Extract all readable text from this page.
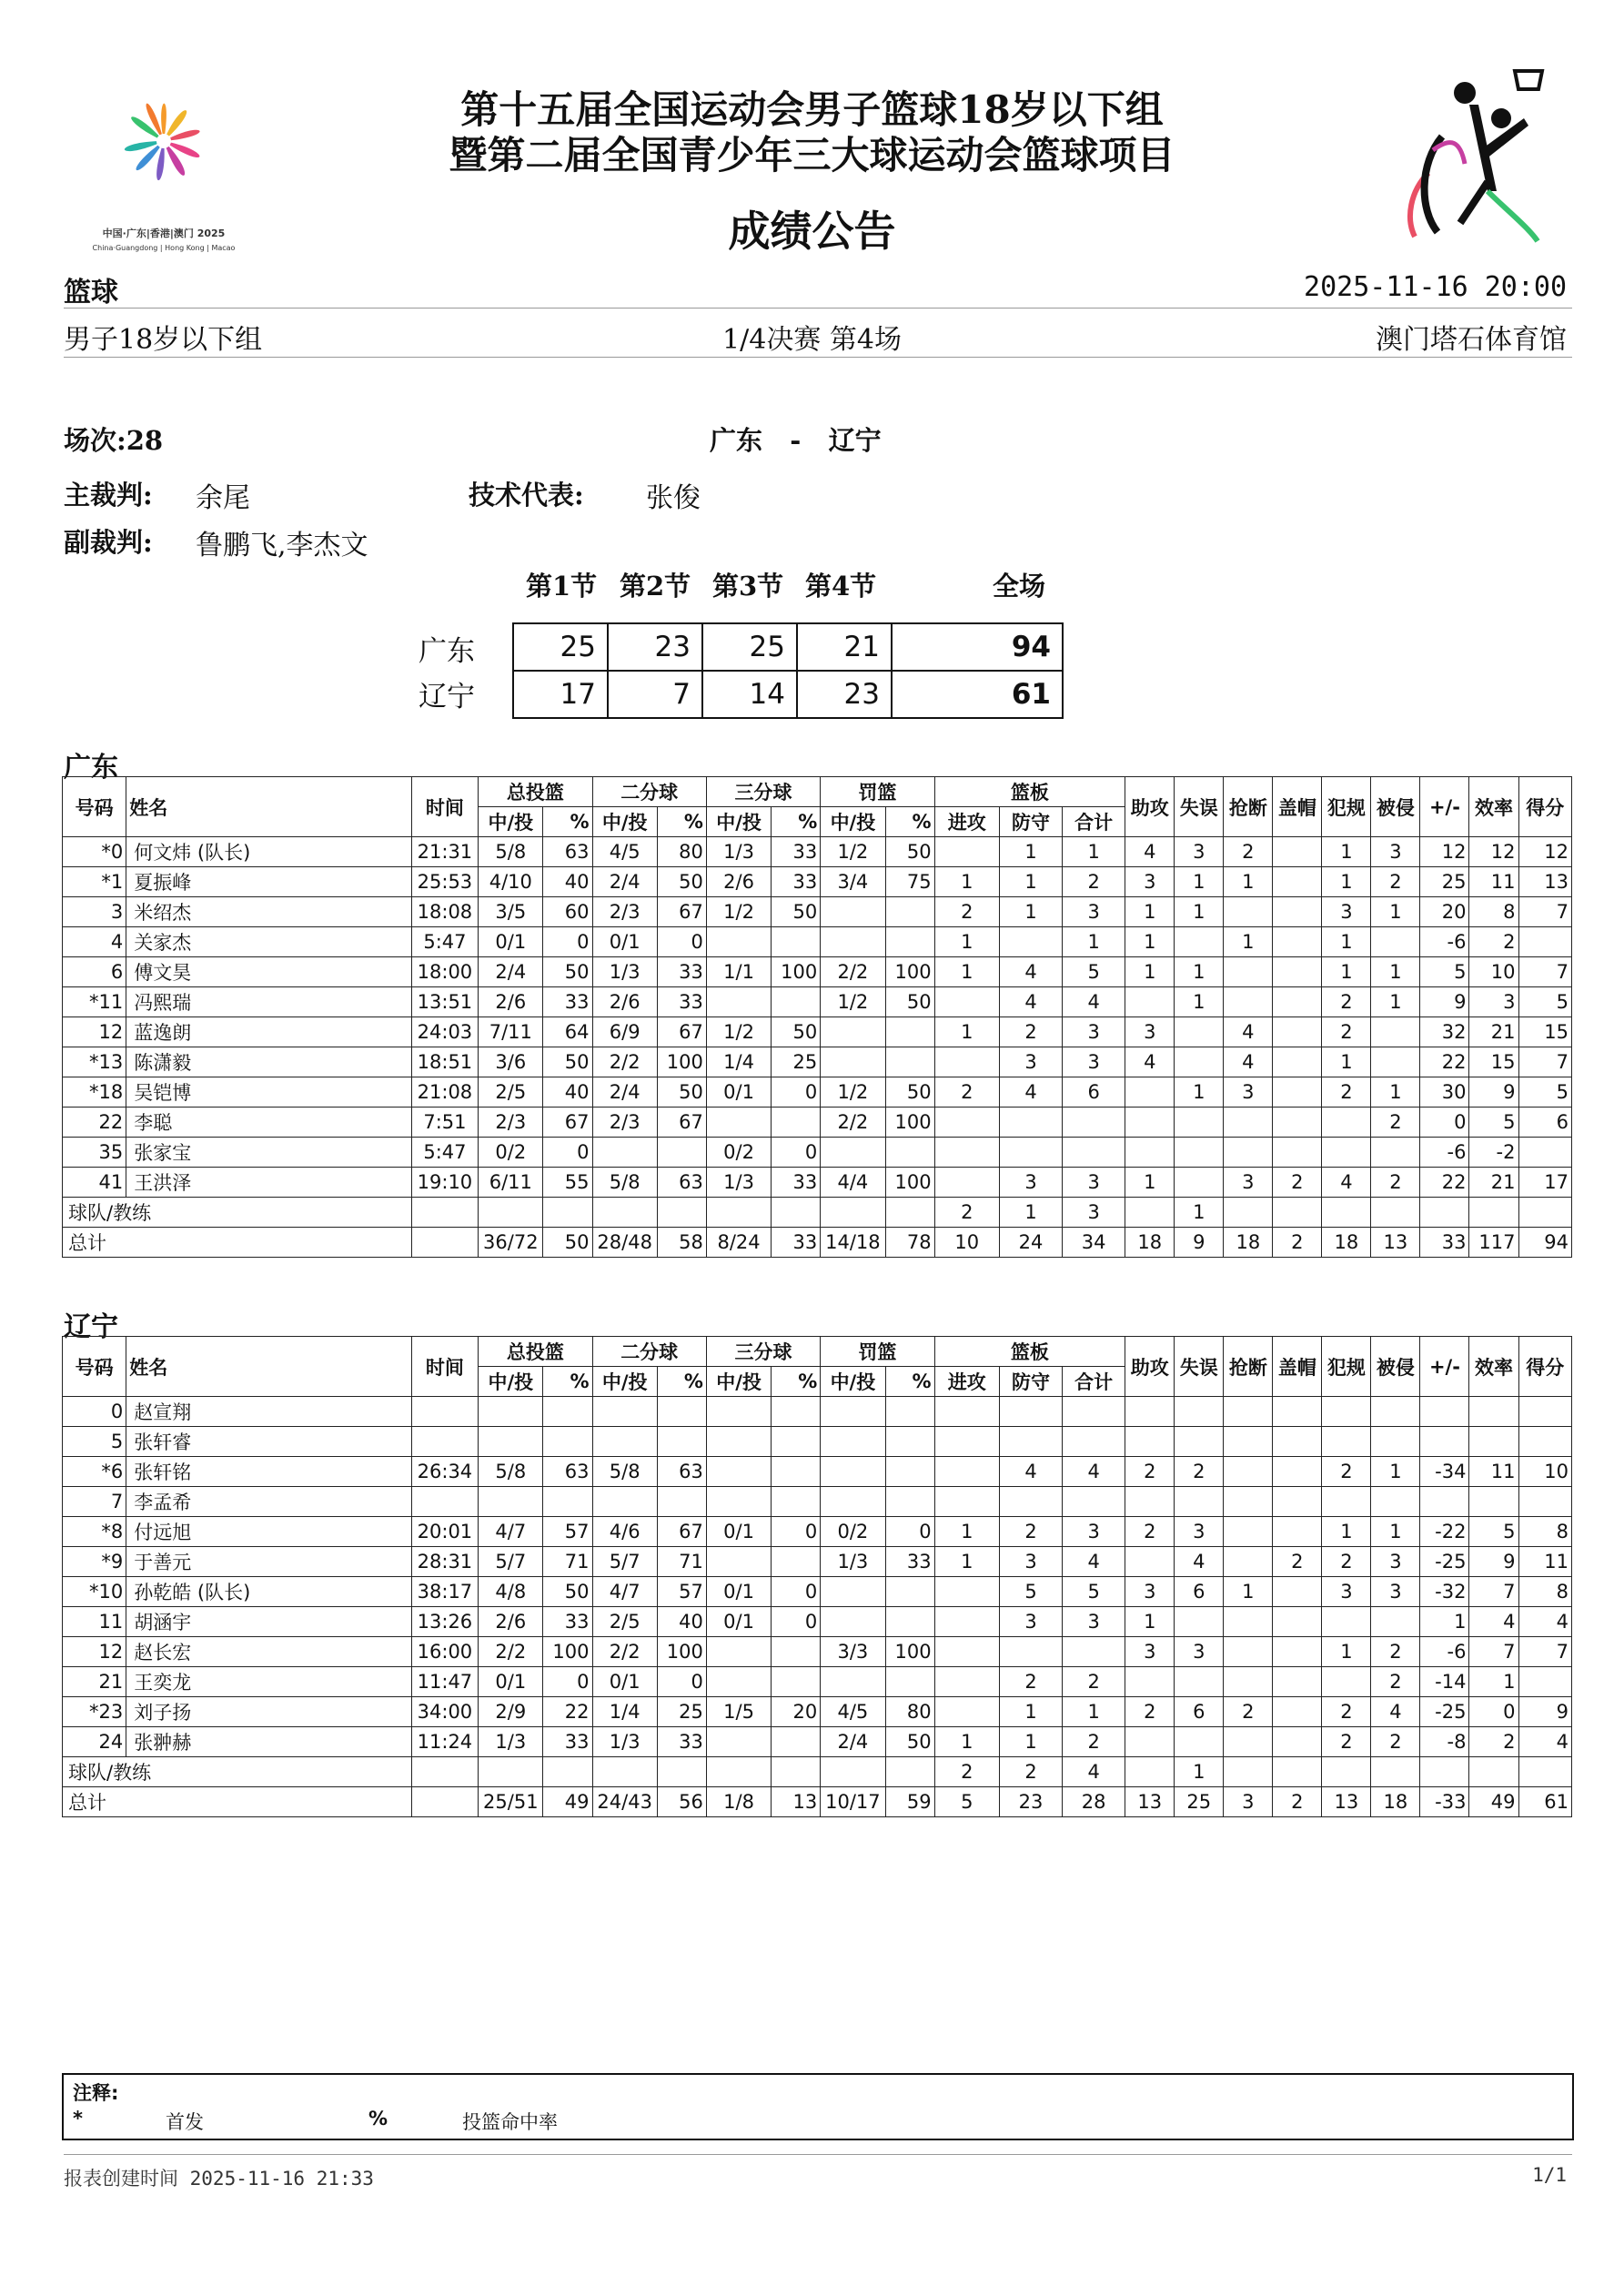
中国·广东|香港|澳门 2025
China·Guangdong | Hong Kong | Macao
第十五届全国运动会男子篮球18岁以下组
暨第二届全国青少年三大球运动会篮球项目
成绩公告
篮球	2025-11-16 20:00
男子18岁以下组	1/4决赛 第4场	澳门塔石体育馆
场次:28	广东   -   辽宁
主裁判: 余尾	技术代表: 张俊
副裁判: 鲁鹏飞,李杰文
第1节 第2节 第3节 第4节	全场
广东
辽宁
25	23	25	21	94
17	7	14	23	61
广东
号码	姓名	时间	总投篮		二分球		三分球		罚篮		篮板			助攻	失误	抢断	盖帽	犯规	被侵	+/-	效率	得分
			中/投	%	中/投	%	中/投	%	中/投	%	进攻	防守	合计									
*0	何文炜 (队长)	21:31	5/8	63	4/5	80	1/3	33	1/2	50		1	1	4	3	2		1	3	12	12	12
*1	夏振峰	25:53	4/10	40	2/4	50	2/6	33	3/4	75	1	1	2	3	1	1		1	2	25	11	13
3	米绍杰	18:08	3/5	60	2/3	67	1/2	50			2	1	3	1	1			3	1	20	8	7
4	关家杰	5:47	0/1	0	0/1	0					1		1	1		1		1		-6	2	
6	傅文昊	18:00	2/4	50	1/3	33	1/1	100	2/2	100	1	4	5	1	1			1	1	5	10	7
*11	冯熙瑞	13:51	2/6	33	2/6	33			1/2	50		4	4		1			2	1	9	3	5
12	蓝逸朗	24:03	7/11	64	6/9	67	1/2	50			1	2	3	3		4		2		32	21	15
*13	陈潇毅	18:51	3/6	50	2/2	100	1/4	25				3	3	4		4		1		22	15	7
*18	吴铠博	21:08	2/5	40	2/4	50	0/1	0	1/2	50	2	4	6		1	3		2	1	30	9	5
22	李聪	7:51	2/3	67	2/3	67			2/2	100									2	0	5	6
35	张家宝	5:47	0/2	0			0/2	0												-6	-2	
41	王洪泽	19:10	6/11	55	5/8	63	1/3	33	4/4	100		3	3	1		3	2	4	2	22	21	17
球队/教练											2	1	3		1							
总计			36/72	50	28/48	58	8/24	33	14/18	78	10	24	34	18	9	18	2	18	13	33	117	94
辽宁
号码	姓名	时间	总投篮		二分球		三分球		罚篮		篮板			助攻	失误	抢断	盖帽	犯规	被侵	+/-	效率	得分
			中/投	%	中/投	%	中/投	%	中/投	%	进攻	防守	合计									
0	赵宣翔																					
5	张轩睿																					
*6	张轩铭	26:34	5/8	63	5/8	63						4	4	2	2			2	1	-34	11	10
7	李孟希																					
*8	付远旭	20:01	4/7	57	4/6	67	0/1	0	0/2	0	1	2	3	2	3			1	1	-22	5	8
*9	于善元	28:31	5/7	71	5/7	71			1/3	33	1	3	4		4		2	2	3	-25	9	11
*10	孙乾皓 (队长)	38:17	4/8	50	4/7	57	0/1	0				5	5	3	6	1		3	3	-32	7	8
11	胡涵宇	13:26	2/6	33	2/5	40	0/1	0				3	3	1						1	4	4
12	赵长宏	16:00	2/2	100	2/2	100			3/3	100				3	3			1	2	-6	7	7
21	王奕龙	11:47	0/1	0	0/1	0						2	2						2	-14	1	
*23	刘子扬	34:00	2/9	22	1/4	25	1/5	20	4/5	80		1	1	2	6	2		2	4	-25	0	9
24	张翀赫	11:24	1/3	33	1/3	33			2/4	50	1	1	2					2	2	-8	2	4
球队/教练											2	2	4		1							
总计			25/51	49	24/43	56	1/8	13	10/17	59	5	23	28	13	25	3	2	13	18	-33	49	61
注释:
*	首发	%	投篮命中率
报表创建时间 2025-11-16 21:33	1/1
